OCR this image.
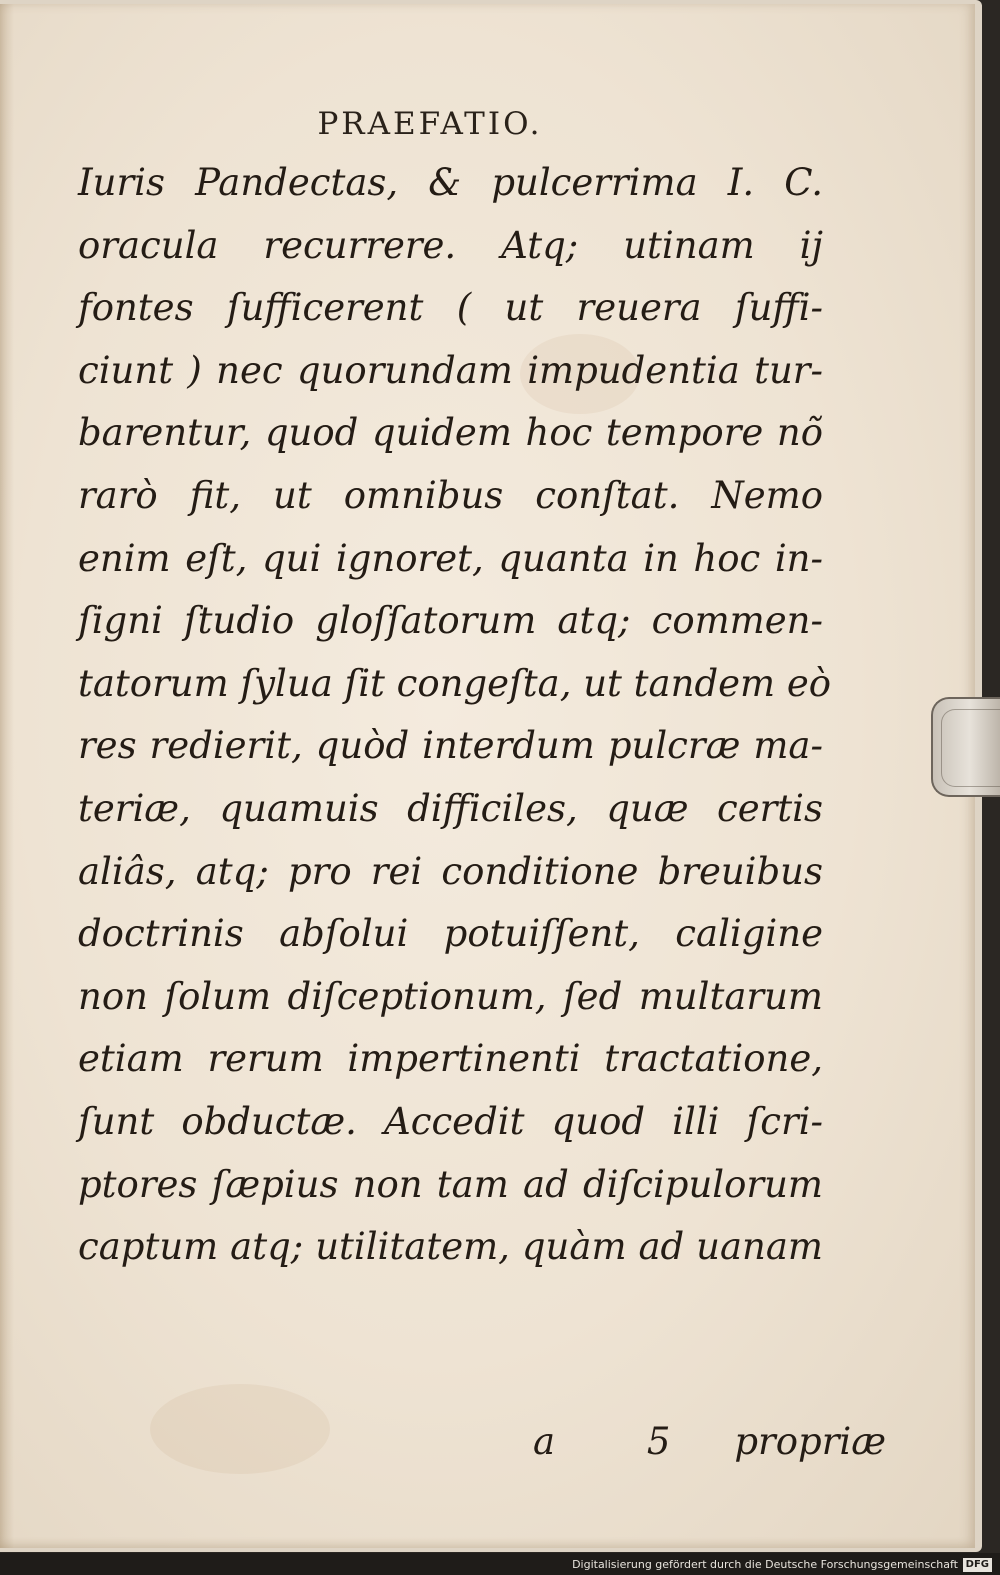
PRAEFATIO.
Iuris Pandectas, & pulcerrima I. C.
oracula recurrere. Atq; utinam ij
fontes ſufficerent ( ut reuera ſuffi-
ciunt ) nec quorundam impudentia tur-
barentur, quod quidem hoc tempore nõ
rarò fit, ut omnibus conſtat. Nemo
enim eſt, qui ignoret, quanta in hoc in-
ſigni ſtudio gloſſatorum atq; commen-
tatorum ſylua ſit congeſta, ut tandem eò
res redierit, quòd interdum pulcræ ma-
teriæ, quamuis difficiles, quæ certis
aliâs, atq; pro rei conditione breuibus
doctrinis abſolui potuiſſent, caligine
non ſolum diſceptionum, ſed multarum
etiam rerum impertinenti tractatione,
ſunt obductæ. Accedit quod illi ſcri-
ptores ſæpius non tam ad diſcipulorum
captum atq; utilitatem, quàm ad uanam
a 5 propriæ
Digitalisierung gefördert durch die Deutsche Forschungsgemeinschaft DFG
